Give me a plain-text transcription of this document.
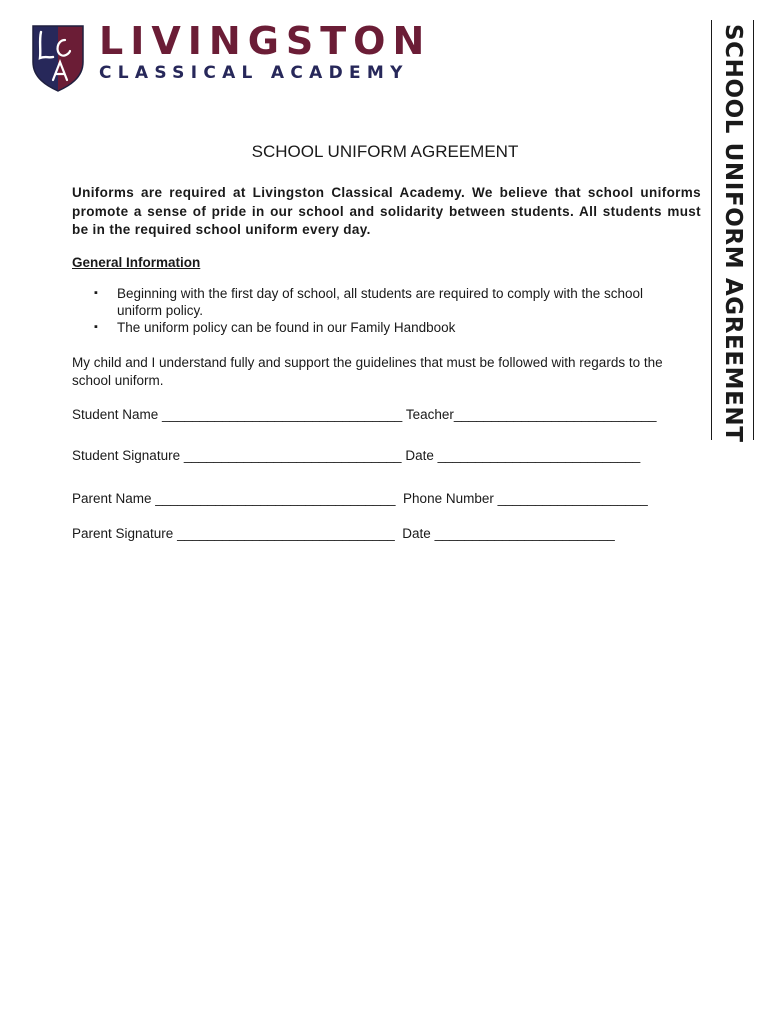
LIVINGSTON
CLASSICAL ACADEMY	SCHOOL UNIFORM AGREEMENT
SCHOOL UNIFORM AGREEMENT
Uniforms are required at Livingston Classical Academy. We believe that school uniforms promote a sense of pride in our school and solidarity between students. All students must be in the required school uniform every day.
General Information
▪ Beginning with the first day of school, all students are required to comply with the school uniform policy.
▪ The uniform policy can be found in our Family Handbook
My child and I understand fully and support the guidelines that must be followed with regards to the school uniform.
Student Name ________________________________ Teacher___________________________
Student Signature _____________________________ Date ___________________________
Parent Name ________________________________  Phone Number ____________________
Parent Signature _____________________________  Date ________________________
